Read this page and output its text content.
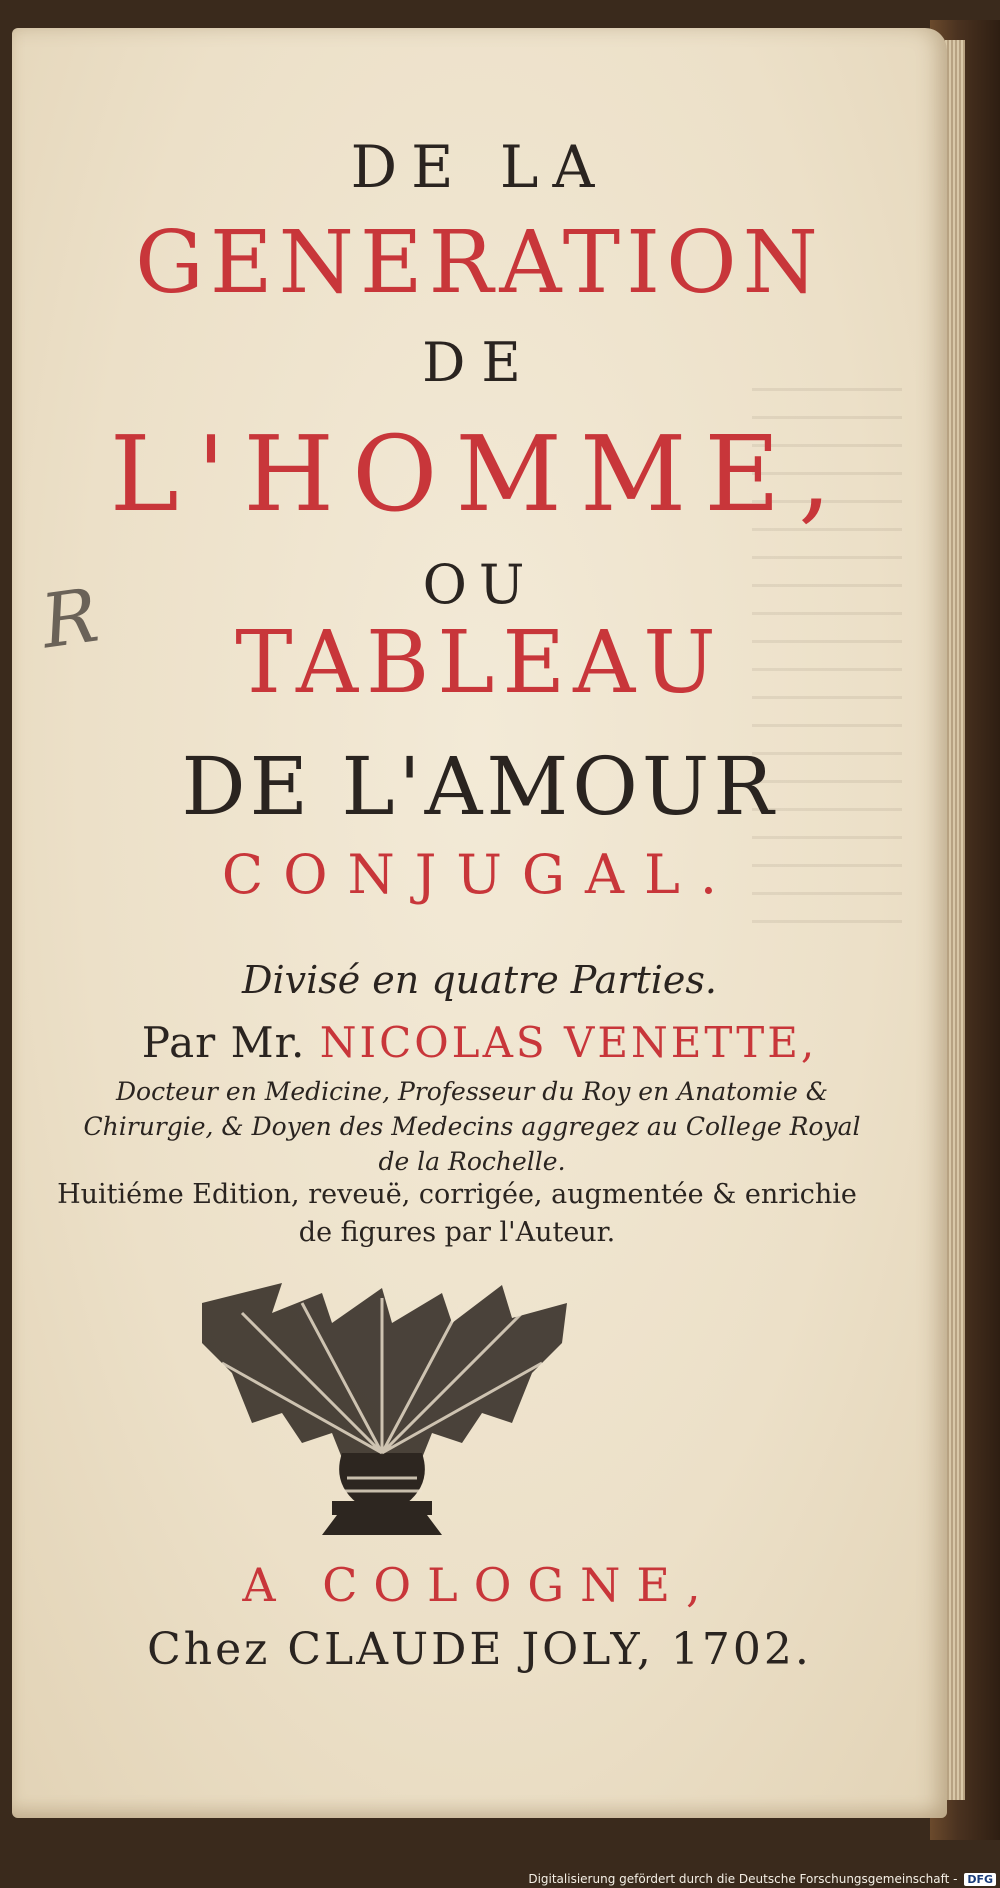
DE LA
GENERATION
DE
L'HOMME,
OU
TABLEAU
DE L'AMOUR
CONJUGAL.
R
Divisé en quatre Parties.
Par Mr. NICOLAS VENETTE,
Docteur en Medicine, Professeur du Roy en Anatomie & Chirurgie, & Doyen des Medecins aggregez au College Royal de la Rochelle.
Huitiéme Edition, reveuë, corrigée, augmentée & enrichie de figures par l'Auteur.
A COLOGNE,
Chez CLAUDE JOLY, 1702.
Digitalisierung gefördert durch die Deutsche Forschungsgemeinschaft - DFG
